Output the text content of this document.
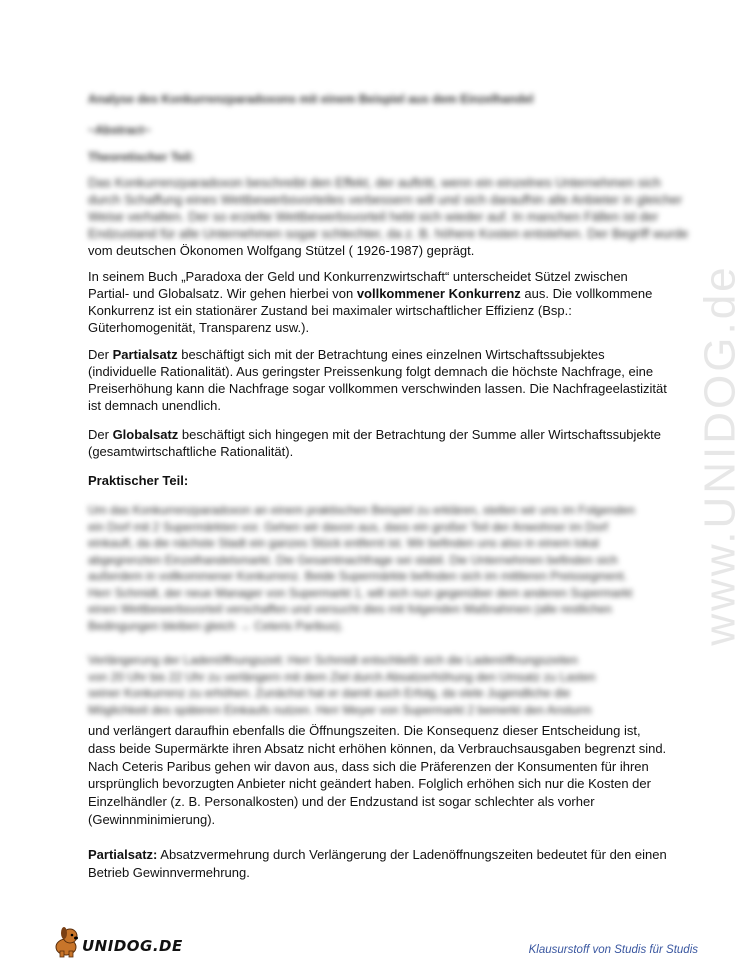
www.UNIDOG.de
Analyse des Konkurrenzparadoxons mit einem Beispiel aus dem Einzelhandel
~Abstract~
Theoretischer Teil:
Das Konkurrenzparadoxon beschreibt den Effekt, der auftritt, wenn ein einzelnes Unternehmen sich
durch Schaffung eines Wettbewerbsvorteiles verbessern will und sich daraufhin alle Anbieter in gleicher
Weise verhalten. Der so erzielte Wettbewerbsvorteil hebt sich wieder auf. In manchen Fällen ist der
Endzustand für alle Unternehmen sogar schlechter, da z. B. höhere Kosten entstehen. Der Begriff wurde
vom deutschen Ökonomen Wolfgang Stützel ( 1926-1987) geprägt.

In seinem Buch „Paradoxa der Geld und Konkurrenzwirtschaft“ unterscheidet Sützel zwischen Partial- und Globalsatz. Wir gehen hierbei von vollkommener Konkurrenz aus. Die vollkommene Konkurrenz ist ein stationärer Zustand bei maximaler wirtschaftlicher Effizienz (Bsp.: Güterhomogenität, Transparenz usw.).

Der Partialsatz beschäftigt sich mit der Betrachtung eines einzelnen Wirtschaftssubjektes (individuelle Rationalität). Aus geringster Preissenkung folgt demnach die höchste Nachfrage, eine Preiserhöhung kann die Nachfrage sogar vollkommen verschwinden lassen. Die Nachfrageelastizität ist demnach unendlich.

Der Globalsatz beschäftigt sich hingegen mit der Betrachtung der Summe aller Wirtschaftssubjekte (gesamtwirtschaftliche Rationalität).

Praktischer Teil:
Um das Konkurrenzparadoxon an einem praktischen Beispiel zu erklären, stellen wir uns im Folgenden
ein Dorf mit 2 Supermärkten vor. Gehen wir davon aus, dass ein großer Teil der Anwohner im Dorf
einkauft, da die nächste Stadt ein ganzes Stück entfernt ist. Wir befinden uns also in einem lokal
abgegrenzten Einzelhandelsmarkt. Die Gesamtnachfrage sei stabil. Die Unternehmen befinden sich
außerdem in vollkommener Konkurrenz. Beide Supermärkte befinden sich im mittleren Preissegment.
Herr Schmidt, der neue Manager von Supermarkt 1, will sich nun gegenüber dem anderen Supermarkt
einen Wettbewerbsvorteil verschaffen und versucht dies mit folgenden Maßnahmen (alle restlichen
Bedingungen bleiben gleich → Ceteris Paribus).
Verlängerung der Ladenöffnungszeit: Herr Schmidt entschließt sich die Ladenöffnungszeiten
von 20 Uhr bis 22 Uhr zu verlängern mit dem Ziel durch Absatzerhöhung den Umsatz zu Lasten
seiner Konkurrenz zu erhöhen. Zunächst hat er damit auch Erfolg, da viele Jugendliche die
Möglichkeit des späteren Einkaufs nutzen. Herr Meyer von Supermarkt 2 bemerkt den Ansturm

und verlängert daraufhin ebenfalls die Öffnungszeiten. Die Konsequenz dieser Entscheidung ist, dass beide Supermärkte ihren Absatz nicht erhöhen können, da Verbrauchsausgaben begrenzt sind. Nach Ceteris Paribus gehen wir davon aus, dass sich die Präferenzen der Konsumenten für ihren ursprünglich bevorzugten Anbieter nicht geändert haben. Folglich erhöhen sich nur die Kosten der Einzelhändler (z. B. Personalkosten) und der Endzustand ist sogar schlechter als vorher (Gewinnminimierung).

Partialsatz: Absatzvermehrung durch Verlängerung der Ladenöffnungszeiten bedeutet für den einen Betrieb Gewinnvermehrung.

UNIDOG.DE	Klausurstoff von Studis für Studis
